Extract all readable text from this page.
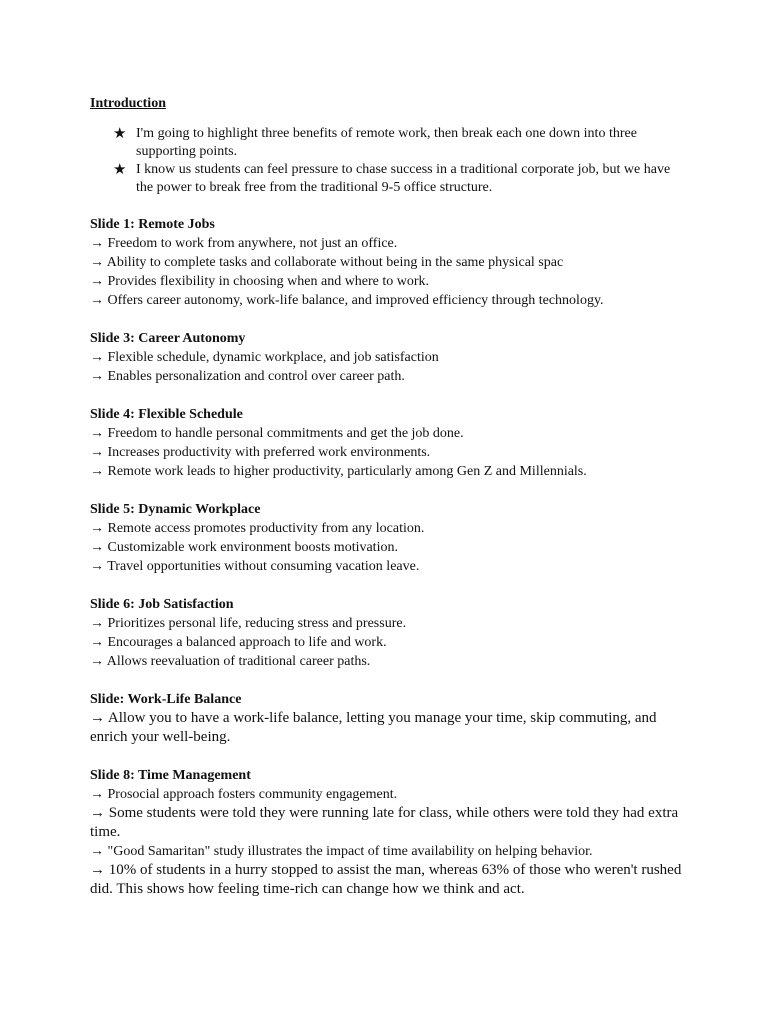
Introduction
★ I'm going to highlight three benefits of remote work, then break each one down into three supporting points.
★ I know us students can feel pressure to chase success in a traditional corporate job, but we have the power to break free from the traditional 9-5 office structure.
Slide 1: Remote Jobs
→ Freedom to work from anywhere, not just an office.
→ Ability to complete tasks and collaborate without being in the same physical spac
→ Provides flexibility in choosing when and where to work.
→ Offers career autonomy, work-life balance, and improved efficiency through technology.
Slide 3: Career Autonomy
→ Flexible schedule, dynamic workplace, and job satisfaction
→ Enables personalization and control over career path.
Slide 4: Flexible Schedule
→ Freedom to handle personal commitments and get the job done.
→ Increases productivity with preferred work environments.
→ Remote work leads to higher productivity, particularly among Gen Z and Millennials.
Slide 5: Dynamic Workplace
→ Remote access promotes productivity from any location.
→ Customizable work environment boosts motivation.
→ Travel opportunities without consuming vacation leave.
Slide 6: Job Satisfaction
→ Prioritizes personal life, reducing stress and pressure.
→ Encourages a balanced approach to life and work.
→ Allows reevaluation of traditional career paths.
Slide: Work-Life Balance
→ Allow you to have a work-life balance, letting you manage your time, skip commuting, and enrich your well-being.
Slide 8: Time Management
→ Prosocial approach fosters community engagement.
→ Some students were told they were running late for class, while others were told they had extra time.
→ "Good Samaritan" study illustrates the impact of time availability on helping behavior.
→ 10% of students in a hurry stopped to assist the man, whereas 63% of those who weren't rushed did. This shows how feeling time-rich can change how we think and act.
